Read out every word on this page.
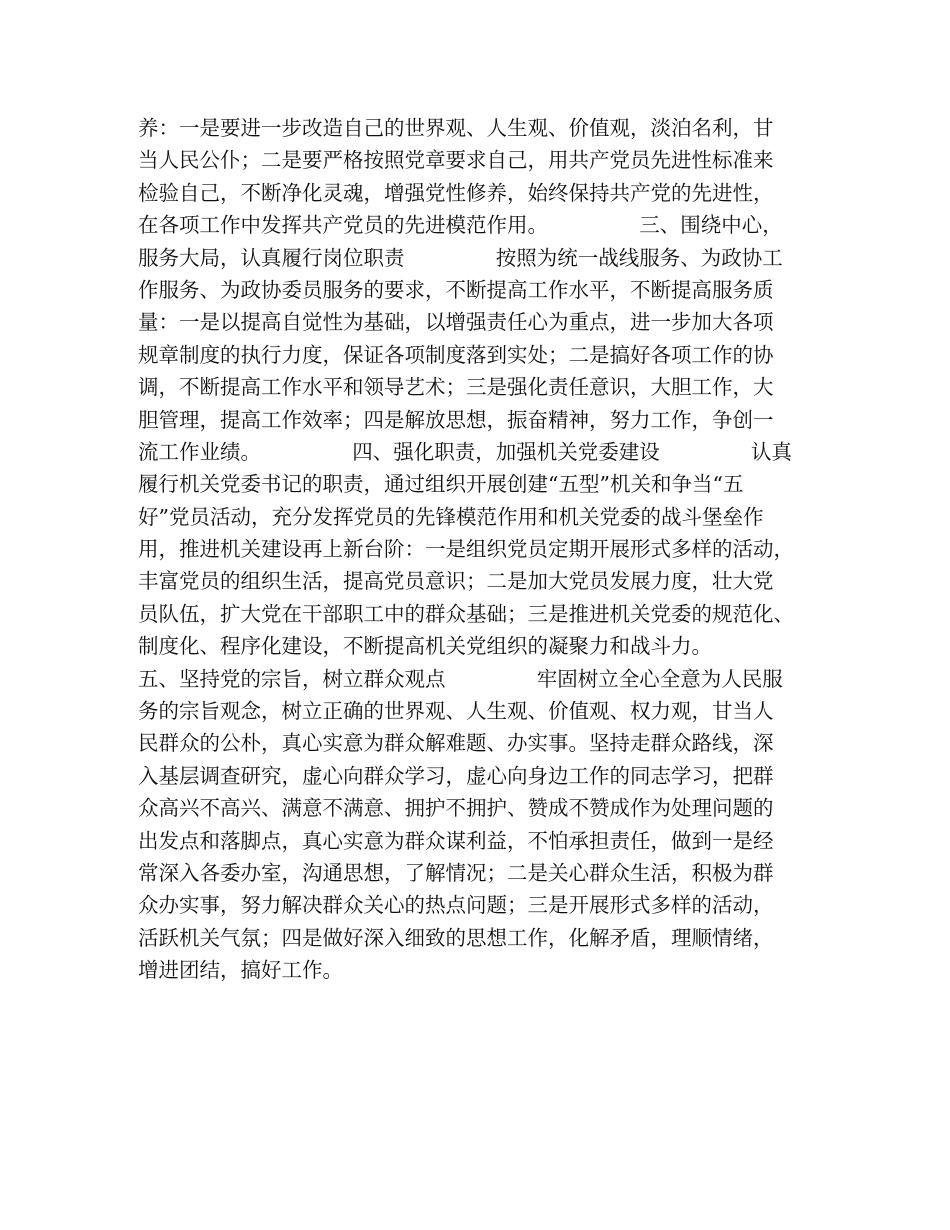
养：一是要进一步改造自己的世界观、人生观、价值观，淡泊名利，甘
当人民公仆；二是要严格按照党章要求自己，用共产党员先进性标准来
检验自己，不断净化灵魂，增强党性修养，始终保持共产党的先进性，
在各项工作中发挥共产党员的先进模范作用。              三、围绕中心，
服务大局，认真履行岗位职责              按照为统一战线服务、为政协工
作服务、为政协委员服务的要求，不断提高工作水平，不断提高服务质
量：一是以提高自觉性为基础，以增强责任心为重点，进一步加大各项
规章制度的执行力度，保证各项制度落到实处；二是搞好各项工作的协
调，不断提高工作水平和领导艺术；三是强化责任意识，大胆工作，大
胆管理，提高工作效率；四是解放思想，振奋精神，努力工作，争创一
流工作业绩。              四、强化职责，加强机关党委建设              认真
履行机关党委书记的职责，通过组织开展创建“五型”机关和争当“五
好”党员活动，充分发挥党员的先锋模范作用和机关党委的战斗堡垒作
用，推进机关建设再上新台阶：一是组织党员定期开展形式多样的活动，
丰富党员的组织生活，提高党员意识；二是加大党员发展力度，壮大党
员队伍，扩大党在干部职工中的群众基础；三是推进机关党委的规范化、
制度化、程序化建设，不断提高机关党组织的凝聚力和战斗力。
五、坚持党的宗旨，树立群众观点              牢固树立全心全意为人民服
务的宗旨观念，树立正确的世界观、人生观、价值观、权力观，甘当人
民群众的公朴，真心实意为群众解难题、办实事。坚持走群众路线，深
入基层调查研究，虚心向群众学习，虚心向身边工作的同志学习，把群
众高兴不高兴、满意不满意、拥护不拥护、赞成不赞成作为处理问题的
出发点和落脚点，真心实意为群众谋利益，不怕承担责任，做到一是经
常深入各委办室，沟通思想，了解情况；二是关心群众生活，积极为群
众办实事，努力解决群众关心的热点问题；三是开展形式多样的活动，
活跃机关气氛；四是做好深入细致的思想工作，化解矛盾，理顺情绪，
增进团结，搞好工作。
